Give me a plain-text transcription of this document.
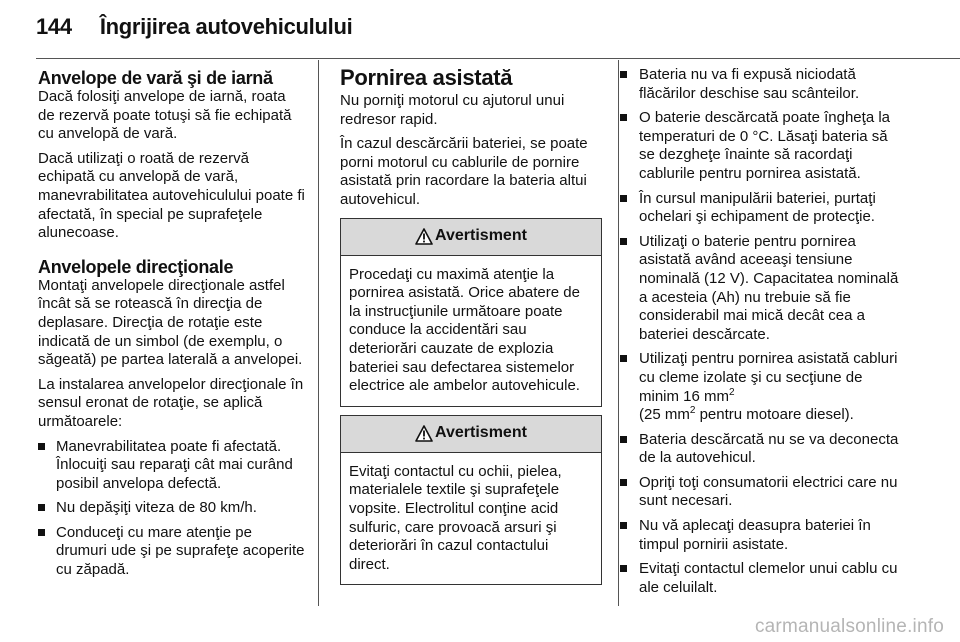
144 Îngrijirea autovehiculului
Anvelope de vară şi de iarnă

Dacă folosiţi anvelope de iarnă, roata de rezervă poate totuşi să fie echipată cu anvelopă de vară.

Dacă utilizaţi o roată de rezervă echipată cu anvelopă de vară, manevrabilitatea autovehiculului poate fi afectată, în special pe suprafeţele alunecoase.

Anvelopele direcţionale

Montaţi anvelopele direcţionale astfel încât să se rotească în direcţia de deplasare. Direcţia de rotaţie este indicată de un simbol (de exemplu, o săgeată) pe partea laterală a anvelopei.

La instalarea anvelopelor direcţionale în sensul eronat de rotaţie, se aplică următoarele:

Manevrabilitatea poate fi afectată. Înlocuiţi sau reparaţi cât mai curând posibil anvelopa defectă.
Nu depăşiţi viteza de 80 km/h.
Conduceţi cu mare atenţie pe drumuri ude şi pe suprafeţe acoperite cu zăpadă.
Pornirea asistată

Nu porniţi motorul cu ajutorul unui redresor rapid.

În cazul descărcării bateriei, se poate porni motorul cu cablurile de pornire asistată prin racordare la bateria altui autovehicul.

Avertisment
Procedaţi cu maximă atenţie la pornirea asistată. Orice abatere de la instrucţiunile următoare poate conduce la accidentări sau deteriorări cauzate de explozia bateriei sau defectarea sistemelor electrice ale ambelor autovehicule.
Avertisment
Evitaţi contactul cu ochii, pielea, materialele textile şi suprafeţele vopsite. Electrolitul conţine acid sulfuric, care provoacă arsuri şi deteriorări în cazul contactului direct.
Bateria nu va fi expusă niciodată flăcărilor deschise sau scânteilor.
O baterie descărcată poate îngheţa la temperaturi de 0 °C. Lăsaţi bateria să se dezgheţe înainte să racordaţi cablurile pentru pornirea asistată.
În cursul manipulării bateriei, purtaţi ochelari şi echipament de protecţie.
Utilizaţi o baterie pentru pornirea asistată având aceeaşi tensiune nominală (12 V). Capacitatea nominală a acesteia (Ah) nu trebuie să fie considerabil mai mică decât cea a bateriei descărcate.
Utilizaţi pentru pornirea asistată cabluri cu cleme izolate şi cu secţiune de minim 16 $mm^2$
(25 $mm^2$ pentru motoare diesel).
Bateria descărcată nu se va deconecta de la autovehicul.
Opriţi toţi consumatorii electrici care nu sunt necesari.
Nu vă aplecaţi deasupra bateriei în timpul pornirii asistate.
Evitaţi contactul clemelor unui cablu cu ale celuilalt.
carmanualsonline.info
